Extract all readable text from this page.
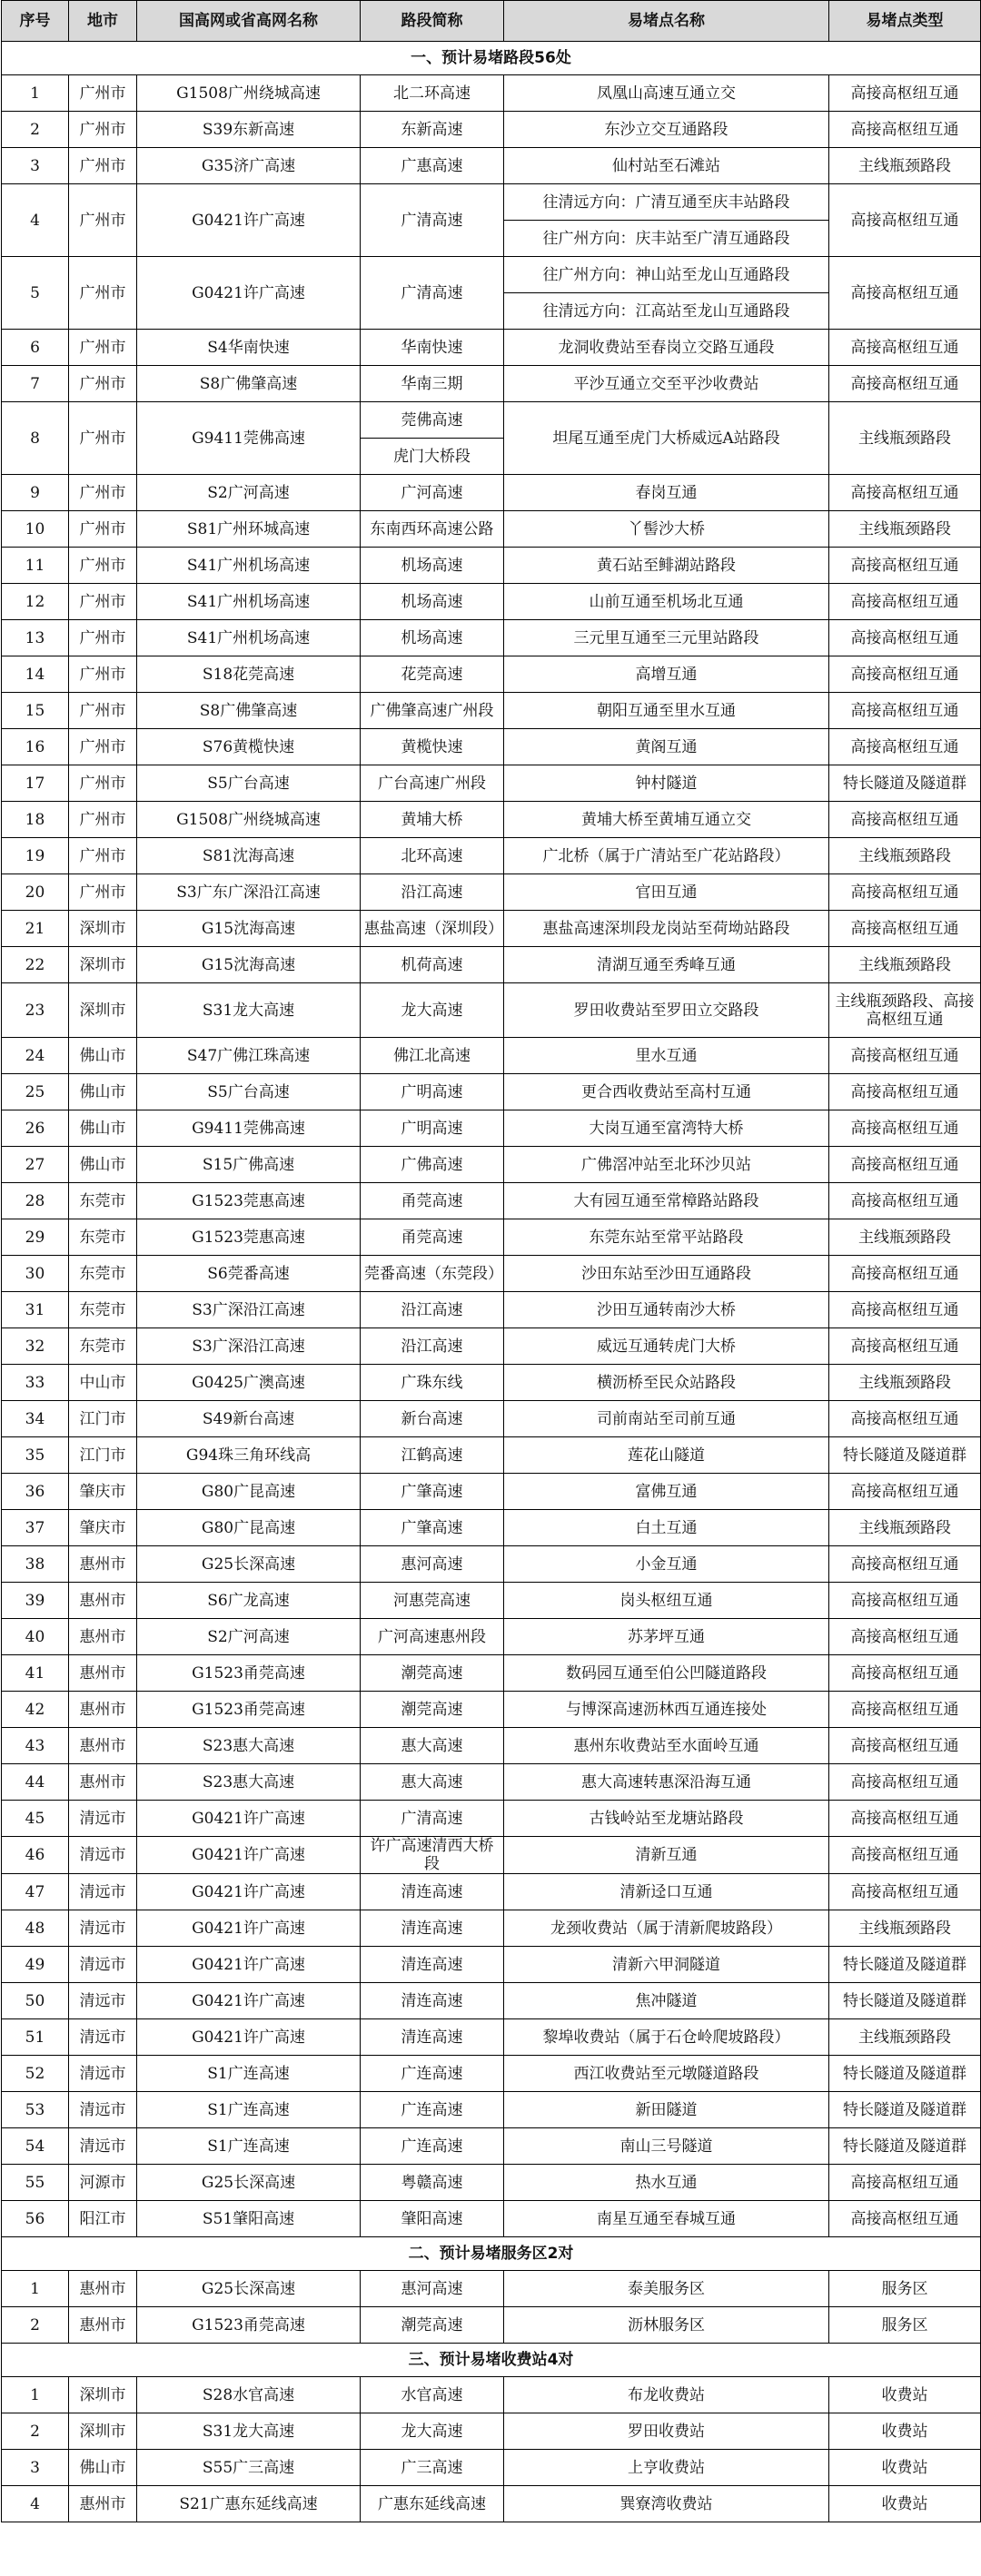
序号	地市	国高网或省高网名称	路段简称	易堵点名称	易堵点类型
一、预计易堵路段56处					
1	广州市	G1508广州绕城高速	北二环高速	凤凰山高速互通立交	高接高枢纽互通
2	广州市	S39东新高速	东新高速	东沙立交互通路段	高接高枢纽互通
3	广州市	G35济广高速	广惠高速	仙村站至石滩站	主线瓶颈路段
4	广州市	G0421许广高速	广清高速	往清远方向：广清互通至庆丰站路段	高接高枢纽互通
				往广州方向：庆丰站至广清互通路段	
5	广州市	G0421许广高速	广清高速	往广州方向：神山站至龙山互通路段	高接高枢纽互通
				往清远方向：江高站至龙山互通路段	
6	广州市	S4华南快速	华南快速	龙洞收费站至春岗立交路互通段	高接高枢纽互通
7	广州市	S8广佛肇高速	华南三期	平沙互通立交至平沙收费站	高接高枢纽互通
8	广州市	G9411莞佛高速	莞佛高速	坦尾互通至虎门大桥威远A站路段	主线瓶颈路段
			虎门大桥段		
9	广州市	S2广河高速	广河高速	春岗互通	高接高枢纽互通
10	广州市	S81广州环城高速	东南西环高速公路	丫髻沙大桥	主线瓶颈路段
11	广州市	S41广州机场高速	机场高速	黄石站至鲱湖站路段	高接高枢纽互通
12	广州市	S41广州机场高速	机场高速	山前互通至机场北互通	高接高枢纽互通
13	广州市	S41广州机场高速	机场高速	三元里互通至三元里站路段	高接高枢纽互通
14	广州市	S18花莞高速	花莞高速	高增互通	高接高枢纽互通
15	广州市	S8广佛肇高速	广佛肇高速广州段	朝阳互通至里水互通	高接高枢纽互通
16	广州市	S76黄榄快速	黄榄快速	黄阁互通	高接高枢纽互通
17	广州市	S5广台高速	广台高速广州段	钟村隧道	特长隧道及隧道群
18	广州市	G1508广州绕城高速	黄埔大桥	黄埔大桥至黄埔互通立交	高接高枢纽互通
19	广州市	S81沈海高速	北环高速	广北桥（属于广清站至广花站路段）	主线瓶颈路段
20	广州市	S3广东广深沿江高速	沿江高速	官田互通	高接高枢纽互通
21	深圳市	G15沈海高速	惠盐高速（深圳段）	惠盐高速深圳段龙岗站至荷坳站路段	高接高枢纽互通
22	深圳市	G15沈海高速	机荷高速	清湖互通至秀峰互通	主线瓶颈路段
23	深圳市	S31龙大高速	龙大高速	罗田收费站至罗田立交路段	主线瓶颈路段、高接高枢纽互通
24	佛山市	S47广佛江珠高速	佛江北高速	里水互通	高接高枢纽互通
25	佛山市	S5广台高速	广明高速	更合西收费站至高村互通	高接高枢纽互通
26	佛山市	G9411莞佛高速	广明高速	大岗互通至富湾特大桥	高接高枢纽互通
27	佛山市	S15广佛高速	广佛高速	广佛滘冲站至北环沙贝站	高接高枢纽互通
28	东莞市	G1523莞惠高速	甬莞高速	大有园互通至常樟路站路段	高接高枢纽互通
29	东莞市	G1523莞惠高速	甬莞高速	东莞东站至常平站路段	主线瓶颈路段
30	东莞市	S6莞番高速	莞番高速（东莞段）	沙田东站至沙田互通路段	高接高枢纽互通
31	东莞市	S3广深沿江高速	沿江高速	沙田互通转南沙大桥	高接高枢纽互通
32	东莞市	S3广深沿江高速	沿江高速	威远互通转虎门大桥	高接高枢纽互通
33	中山市	G0425广澳高速	广珠东线	横沥桥至民众站路段	主线瓶颈路段
34	江门市	S49新台高速	新台高速	司前南站至司前互通	高接高枢纽互通
35	江门市	G94珠三角环线高	江鹤高速	莲花山隧道	特长隧道及隧道群
36	肇庆市	G80广昆高速	广肇高速	富佛互通	高接高枢纽互通
37	肇庆市	G80广昆高速	广肇高速	白土互通	主线瓶颈路段
38	惠州市	G25长深高速	惠河高速	小金互通	高接高枢纽互通
39	惠州市	S6广龙高速	河惠莞高速	岗头枢纽互通	高接高枢纽互通
40	惠州市	S2广河高速	广河高速惠州段	苏茅坪互通	高接高枢纽互通
41	惠州市	G1523甬莞高速	潮莞高速	数码园互通至伯公凹隧道路段	高接高枢纽互通
42	惠州市	G1523甬莞高速	潮莞高速	与博深高速沥林西互通连接处	高接高枢纽互通
43	惠州市	S23惠大高速	惠大高速	惠州东收费站至水面岭互通	高接高枢纽互通
44	惠州市	S23惠大高速	惠大高速	惠大高速转惠深沿海互通	高接高枢纽互通
45	清远市	G0421许广高速	广清高速	古钱岭站至龙塘站路段	高接高枢纽互通
46	清远市	G0421许广高速	许广高速清西大桥段	清新互通	高接高枢纽互通
47	清远市	G0421许广高速	清连高速	清新迳口互通	高接高枢纽互通
48	清远市	G0421许广高速	清连高速	龙颈收费站（属于清新爬坡路段）	主线瓶颈路段
49	清远市	G0421许广高速	清连高速	清新六甲洞隧道	特长隧道及隧道群
50	清远市	G0421许广高速	清连高速	焦冲隧道	特长隧道及隧道群
51	清远市	G0421许广高速	清连高速	黎埠收费站（属于石仓岭爬坡路段）	主线瓶颈路段
52	清远市	S1广连高速	广连高速	西江收费站至元墩隧道路段	特长隧道及隧道群
53	清远市	S1广连高速	广连高速	新田隧道	特长隧道及隧道群
54	清远市	S1广连高速	广连高速	南山三号隧道	特长隧道及隧道群
55	河源市	G25长深高速	粤赣高速	热水互通	高接高枢纽互通
56	阳江市	S51肇阳高速	肇阳高速	南星互通至春城互通	高接高枢纽互通
二、预计易堵服务区2对					
1	惠州市	G25长深高速	惠河高速	泰美服务区	服务区
2	惠州市	G1523甬莞高速	潮莞高速	沥林服务区	服务区
三、预计易堵收费站4对					
1	深圳市	S28水官高速	水官高速	布龙收费站	收费站
2	深圳市	S31龙大高速	龙大高速	罗田收费站	收费站
3	佛山市	S55广三高速	广三高速	上亨收费站	收费站
4	惠州市	S21广惠东延线高速	广惠东延线高速	巽寮湾收费站	收费站
